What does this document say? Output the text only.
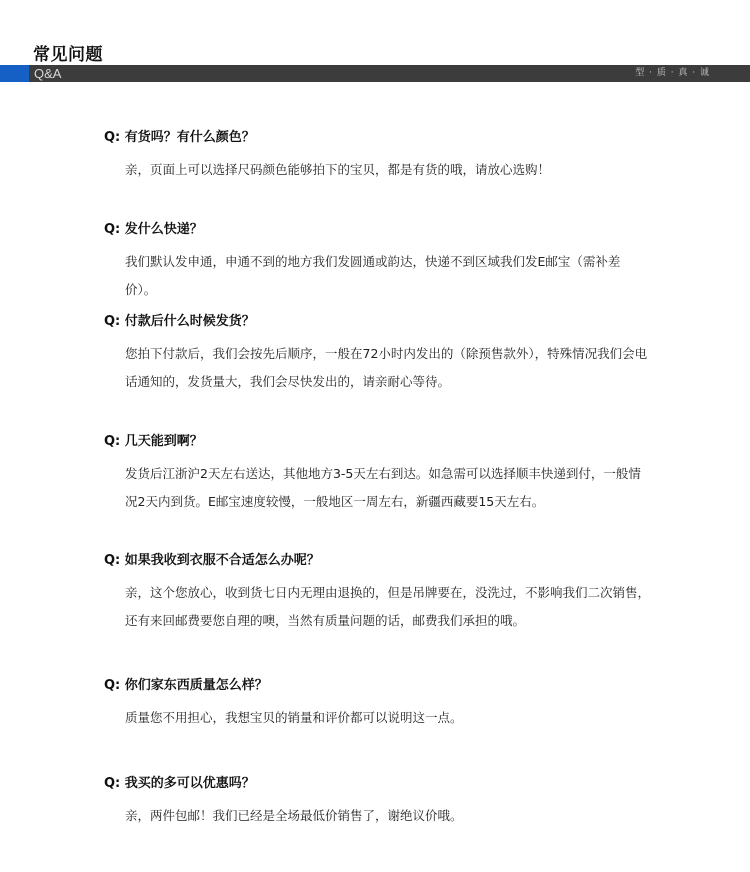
常见问题
Q&A	型 · 质 · 真 · 诚
Q: 有货吗？有什么颜色？
亲，页面上可以选择尺码颜色能够拍下的宝贝，都是有货的哦，请放心选购！
Q: 发什么快递？
我们默认发申通，申通不到的地方我们发圆通或韵达，快递不到区域我们发E邮宝（需补差价）。
Q: 付款后什么时候发货？
您拍下付款后，我们会按先后顺序，一般在72小时内发出的（除预售款外），特殊情况我们会电话通知的，发货量大，我们会尽快发出的，请亲耐心等待。
Q: 几天能到啊？
发货后江浙沪2天左右送达，其他地方3-5天左右到达。如急需可以选择顺丰快递到付，一般情况2天内到货。E邮宝速度较慢，一般地区一周左右，新疆西藏要15天左右。
Q: 如果我收到衣服不合适怎么办呢？
亲，这个您放心，收到货七日内无理由退换的，但是吊牌要在，没洗过，不影响我们二次销售，还有来回邮费要您自理的噢，当然有质量问题的话，邮费我们承担的哦。
Q: 你们家东西质量怎么样？
质量您不用担心，我想宝贝的销量和评价都可以说明这一点。
Q: 我买的多可以优惠吗？
亲，两件包邮！我们已经是全场最低价销售了，谢绝议价哦。
